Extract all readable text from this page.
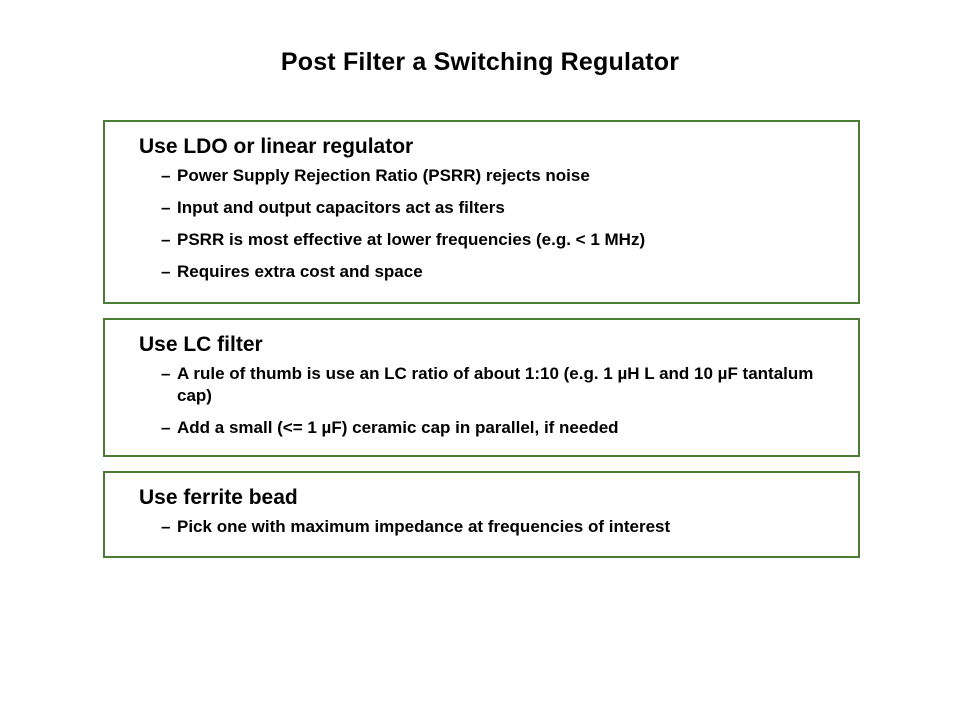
Post Filter a Switching Regulator
Use LDO or linear regulator
– Power Supply Rejection Ratio (PSRR) rejects noise
– Input and output capacitors act as filters
– PSRR is most effective at lower frequencies (e.g. < 1 MHz)
– Requires extra cost and space
Use LC filter
– A rule of thumb is use an LC ratio of about 1:10 (e.g. 1 µH L and 10 µF tantalum cap)
– Add a small (<= 1 µF) ceramic cap in parallel, if needed
Use ferrite bead
– Pick one with maximum impedance at frequencies of interest
